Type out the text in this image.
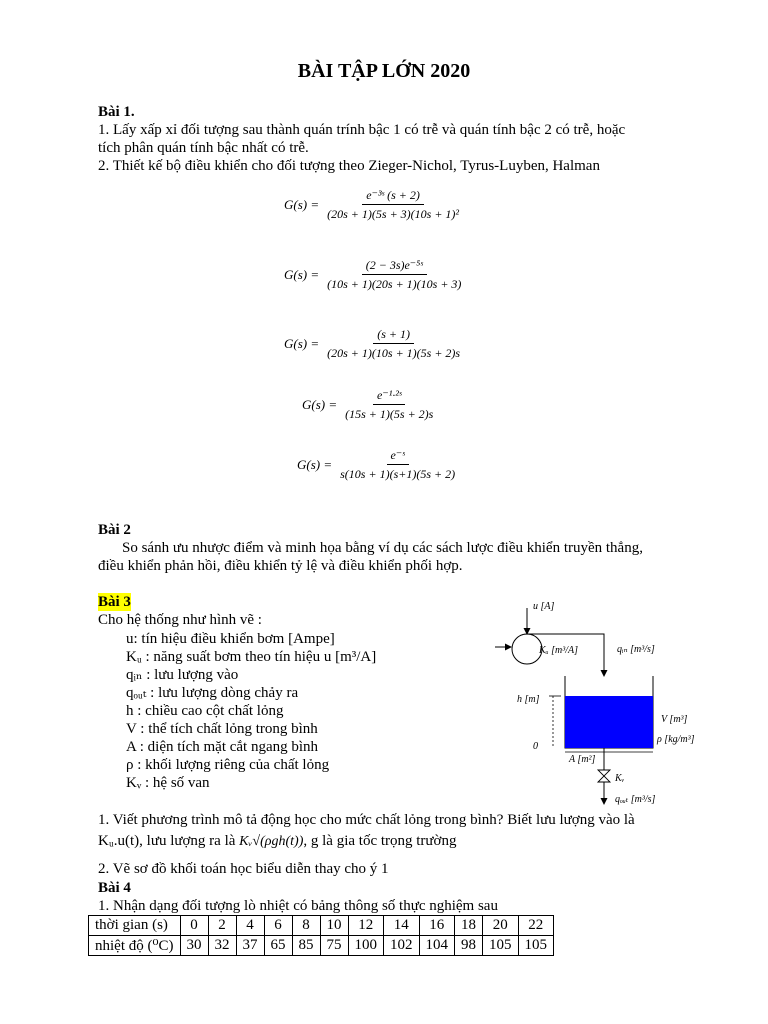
BÀI TẬP LỚN 2020
Bài 1.
1. Lấy xấp xỉ đối tượng sau thành quán trính bậc 1 có trễ và quán tính bậc 2 có trễ, hoặc
tích phân quán tính bậc nhất có trễ.
2. Thiết kế bộ điều khiển cho đối tượng theo Zieger-Nichol, Tyrus-Luyben, Halman
$G(s) = \frac{\text{e⁻³ˢ (s + 2)}}{\text{(20s + 1)(5s + 3)(10s + 1)²}}$
$G(s) = \frac{\text{(2 − 3s)e⁻⁵ˢ}}{(10s + 1)(20s + 1)(10s + 3)}$
$G(s) = \frac{(s + 1)}{(20s + 1)(10s + 1)(5s + 2)s}$
$G(s) = \frac{\text{e⁻¹·²ˢ}}{(15s + 1)(5s + 2)s}$
$G(s) = \frac{\text{e⁻ˢ}}{s(10s + 1)(s+1)(5s + 2)}$
Bài 2
So sánh ưu nhược điểm và minh họa bằng ví dụ các sách lược điều khiển truyền thẳng,
điều khiển phản hồi, điều khiển tỷ lệ và điều khiển phối hợp.
Bài 3
Cho hệ thống như hình vẽ :
u: tín hiệu điều khiển bơm [Ampe]
Kᵤ : năng suất bơm theo tín hiệu u [m³/A]
qᵢₙ : lưu lượng vào
qₒᵤₜ : lưu lượng dòng chảy ra
h : chiều cao cột chất lỏng
V : thể tích chất lỏng trong bình
A : diện tích mặt cắt ngang bình
ρ : khối lượng riêng của chất lỏng
Kᵥ : hệ số van
u [A]
Kᵤ [m³/A]	qᵢₙ [m³/s]
h [m]
0
A [m²]
V [m³]
ρ [kg/m³]
Kᵥ
qₒᵤₜ [m³/s]
1. Viết phương trình mô tả động học cho mức chất lỏng trong bình? Biết lưu lượng vào là
Kᵤ.u(t), lưu lượng ra là Kᵥ√(ρgh(t)), g là gia tốc trọng trường
2. Vẽ sơ đồ khối toán học biểu diễn thay cho ý 1
Bài 4
1. Nhận dạng đối tượng lò nhiệt có bảng thông số thực nghiệm sau
thời gian (s)	0	2	4	6	8	10	12	14	16	18	20	22
nhiệt độ (⁰C)	30	32	37	65	85	75	100	102	104	98	105	105
